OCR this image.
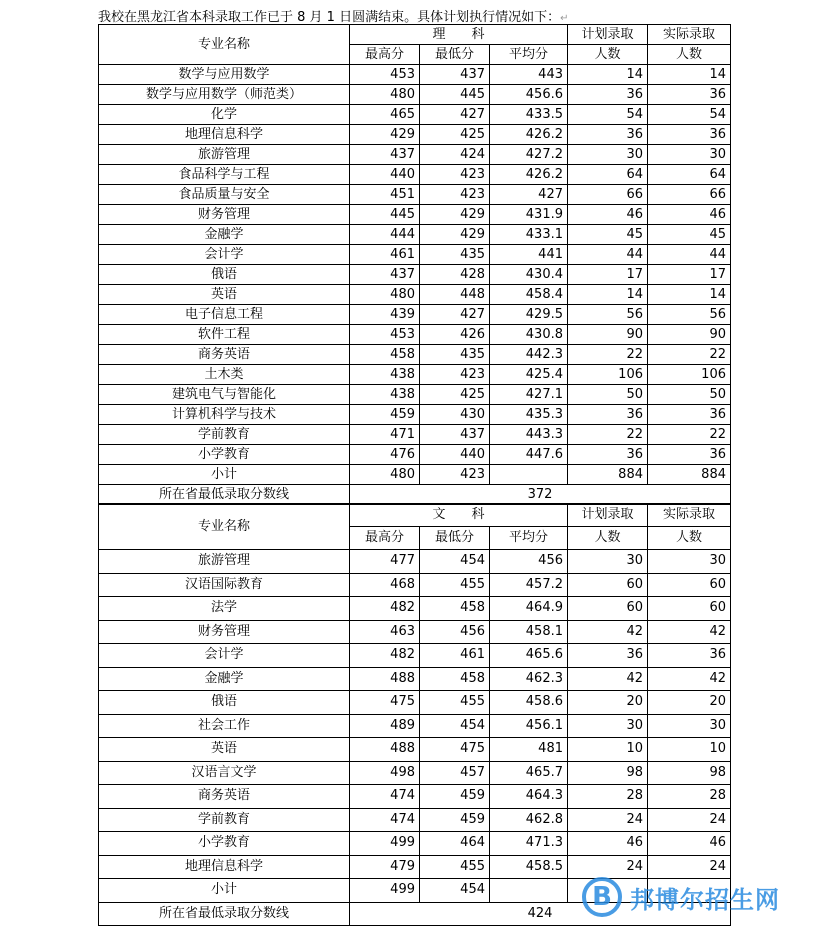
我校在黑龙江省本科录取工作已于 8 月 1 日圆满结束。具体计划执行情况如下：↵
专业名称	理　　科			计划录取	实际录取
	最高分	最低分	平均分	人数	人数
数学与应用数学	453	437	443	14	14
数学与应用数学（师范类）	480	445	456.6	36	36
化学	465	427	433.5	54	54
地理信息科学	429	425	426.2	36	36
旅游管理	437	424	427.2	30	30
食品科学与工程	440	423	426.2	64	64
食品质量与安全	451	423	427	66	66
财务管理	445	429	431.9	46	46
金融学	444	429	433.1	45	45
会计学	461	435	441	44	44
俄语	437	428	430.4	17	17
英语	480	448	458.4	14	14
电子信息工程	439	427	429.5	56	56
软件工程	453	426	430.8	90	90
商务英语	458	435	442.3	22	22
土木类	438	423	425.4	106	106
建筑电气与智能化	438	425	427.1	50	50
计算机科学与技术	459	430	435.3	36	36
学前教育	471	437	443.3	22	22
小学教育	476	440	447.6	36	36
小计	480	423		884	884
所在省最低录取分数线	372				
专业名称	文　　科			计划录取	实际录取
	最高分	最低分	平均分	人数	人数
旅游管理	477	454	456	30	30
汉语国际教育	468	455	457.2	60	60
法学	482	458	464.9	60	60
财务管理	463	456	458.1	42	42
会计学	482	461	465.6	36	36
金融学	488	458	462.3	42	42
俄语	475	455	458.6	20	20
社会工作	489	454	456.1	30	30
英语	488	475	481	10	10
汉语言文学	498	457	465.7	98	98
商务英语	474	459	464.3	28	28
学前教育	474	459	462.8	24	24
小学教育	499	464	471.3	46	46
地理信息科学	479	455	458.5	24	24
小计	499	454			
所在省最低录取分数线	424				
B 邦博尔招生网
